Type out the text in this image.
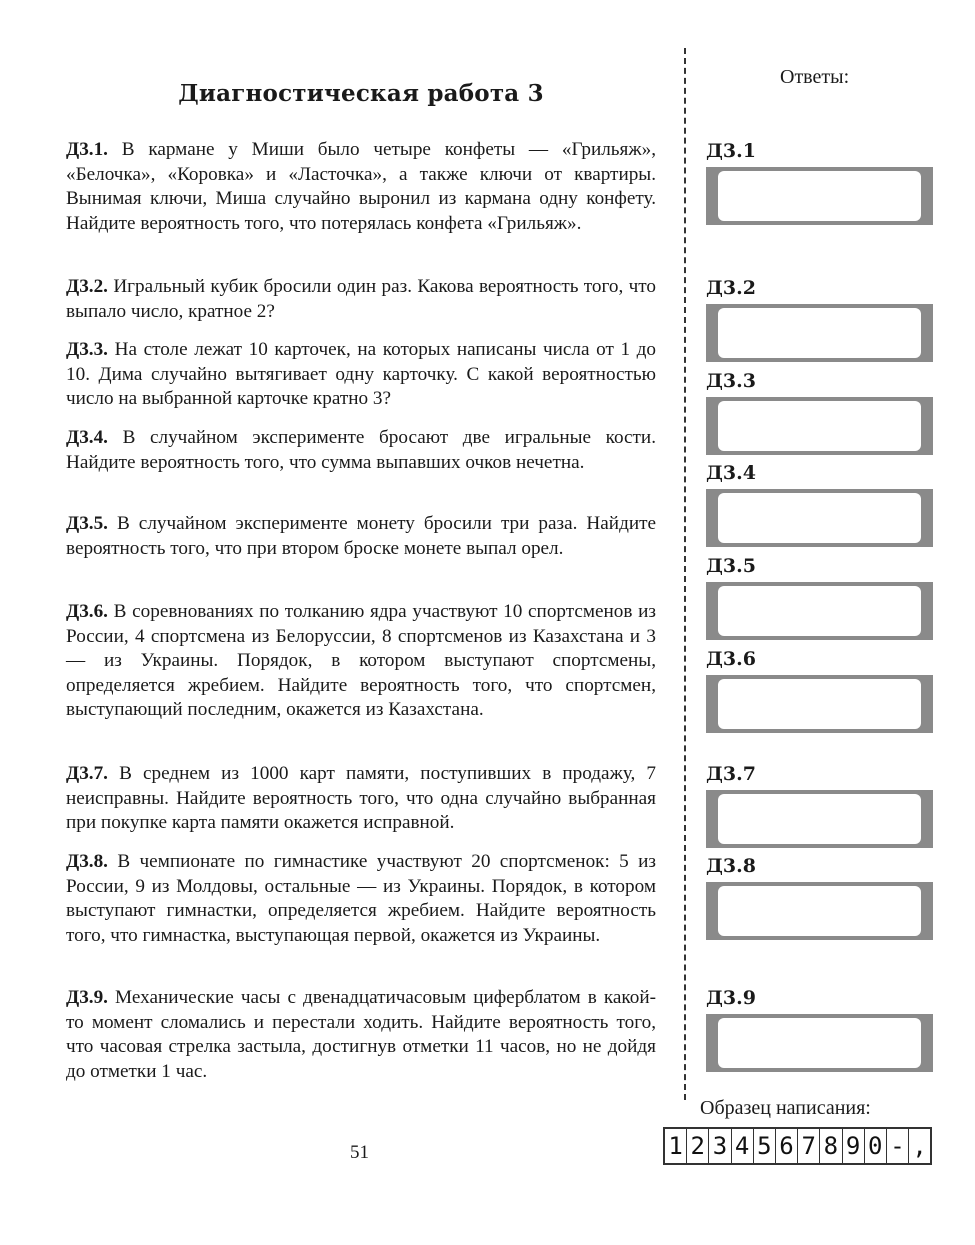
Диагностическая работа 3

Д3.1. В кармане у Миши было четыре конфеты — «Грильяж», «Белочка», «Коровка» и «Ласточка», а также ключи от квартиры. Вынимая ключи, Миша случайно выронил из кармана одну конфету. Найдите вероятность того, что потерялась конфета «Грильяж».

Д3.2. Игральный кубик бросили один раз. Какова вероятность того, что выпало число, кратное 2?

Д3.3. На столе лежат 10 карточек, на которых написаны числа от 1 до 10. Дима случайно вытягивает одну карточку. С какой вероятностью число на выбранной карточке кратно 3?

Д3.4. В случайном эксперименте бросают две игральные кости. Найдите вероятность того, что сумма выпавших очков нечетна.

Д3.5. В случайном эксперименте монету бросили три раза. Найдите вероятность того, что при втором броске монете выпал орел.

Д3.6. В соревнованиях по толканию ядра участвуют 10 спортсменов из России, 4 спортсмена из Белоруссии, 8 спортсменов из Казахстана и 3 — из Украины. Порядок, в котором выступают спортсмены, определяется жребием. Найдите вероятность того, что спортсмен, выступающий последним, окажется из Казахстана.

Д3.7. В среднем из 1000 карт памяти, поступивших в продажу, 7 неисправны. Найдите вероятность того, что одна случайно выбранная при покупке карта памяти окажется исправной.

Д3.8. В чемпионате по гимнастике участвуют 20 спортсменок: 5 из России, 9 из Молдовы, остальные — из Украины. Порядок, в котором выступают гимнастки, определяется жребием. Найдите вероятность того, что гимнастка, выступающая первой, окажется из Украины.

Д3.9. Механические часы с двенадцатичасовым циферблатом в какой-то момент сломались и перестали ходить. Найдите вероятность того, что часовая стрелка застыла, достигнув отметки 11 часов, но не дойдя до отметки 1 час.

Ответы:
Д3.1
Д3.2
Д3.3
Д3.4
Д3.5
Д3.6
Д3.7
Д3.8
Д3.9
Образец написания:
1 2 3 4 5 6 7 8 9 0 - ,
51
